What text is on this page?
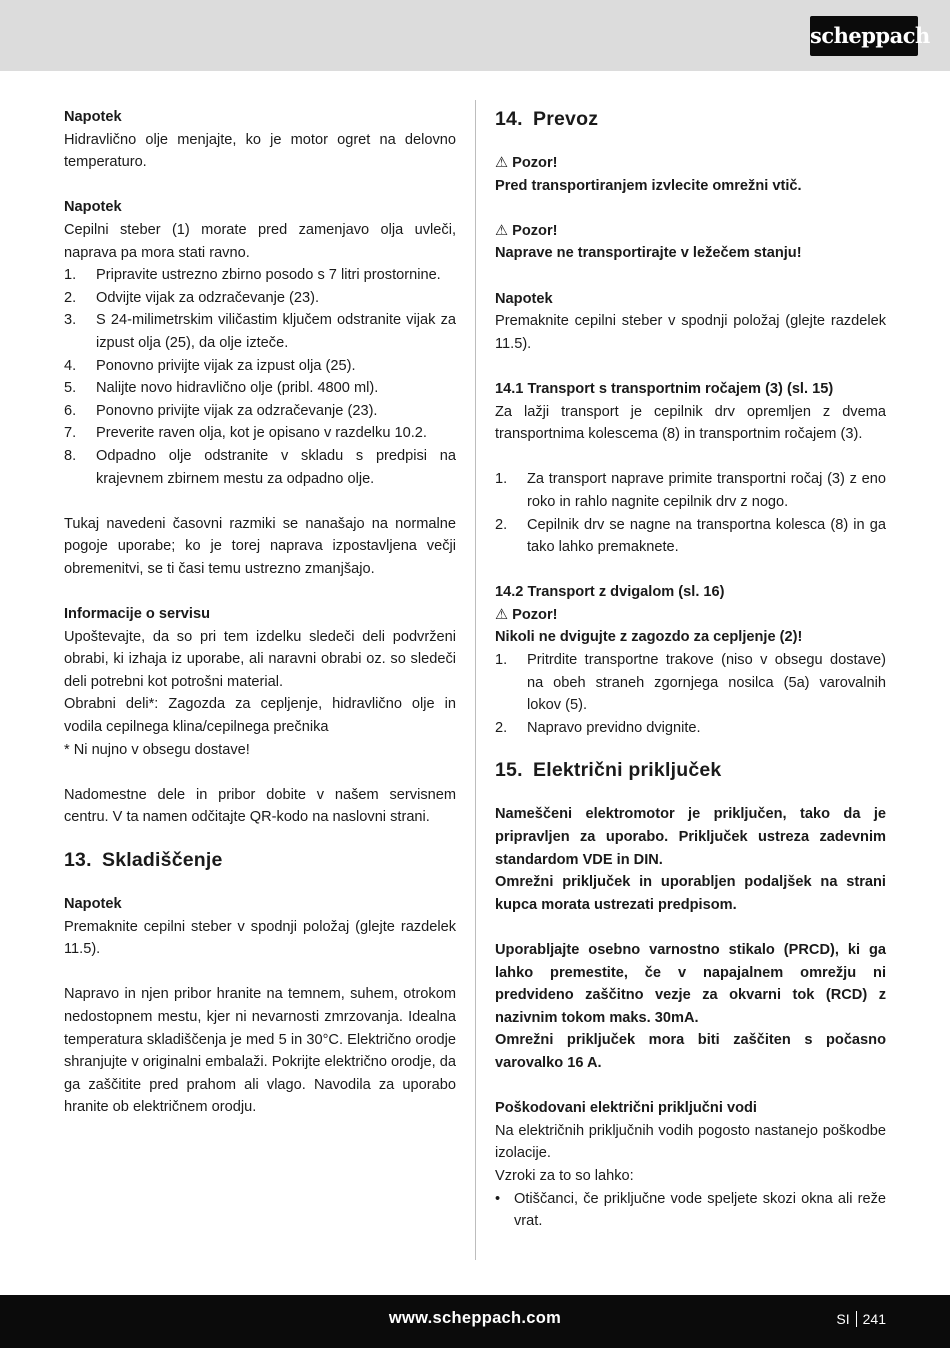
scheppach

Napotek

Hidravlično olje menjajte, ko je motor ogret na delovno temperaturo.

Napotek

Cepilni steber (1) morate pred zamenjavo olja uvleči, naprava pa mora stati ravno.

1. Pripravite ustrezno zbirno posodo s 7 litri prostornine.
2. Odvijte vijak za odzračevanje (23).
3. S 24-milimetrskim viličastim ključem odstranite vijak za izpust olja (25), da olje izteče.
4. Ponovno privijte vijak za izpust olja (25).
5. Nalijte novo hidravlično olje (pribl. 4800 ml).
6. Ponovno privijte vijak za odzračevanje (23).
7. Preverite raven olja, kot je opisano v razdelku 10.2.
8. Odpadno olje odstranite v skladu s predpisi na krajevnem zbirnem mestu za odpadno olje.

Tukaj navedeni časovni razmiki se nanašajo na normalne pogoje uporabe; ko je torej naprava izpostavljena večji obremenitvi, se ti časi temu ustrezno zmanjšajo.

Informacije o servisu

Upoštevajte, da so pri tem izdelku sledeči deli podvrženi obrabi, ki izhaja iz uporabe, ali naravni obrabi oz. so sledeči deli potrebni kot potrošni material.

Obrabni deli*: Zagozda za cepljenje, hidravlično olje in vodila cepilnega klina/cepilnega prečnika

* Ni nujno v obsegu dostave!

Nadomestne dele in pribor dobite v našem servisnem centru. V ta namen odčitajte QR-kodo na naslovni strani.

13. Skladiščenje

Napotek

Premaknite cepilni steber v spodnji položaj (glejte razdelek 11.5).

Napravo in njen pribor hranite na temnem, suhem, otrokom nedostopnem mestu, kjer ni nevarnosti zmrzovanja. Idealna temperatura skladiščenja je med 5 in 30°C. Električno orodje shranjujte v originalni embalaži. Pokrijte električno orodje, da ga zaščitite pred prahom ali vlago. Navodila za uporabo hranite ob električnem orodju.

14. Prevoz

⚠ Pozor!

Pred transportiranjem izvlecite omrežni vtič.

⚠ Pozor!

Naprave ne transportirajte v ležečem stanju!

Napotek

Premaknite cepilni steber v spodnji položaj (glejte razdelek 11.5).

14.1 Transport s transportnim ročajem (3) (sl. 15)

Za lažji transport je cepilnik drv opremljen z dvema transportnima kolescema (8) in transportnim ročajem (3).

1. Za transport naprave primite transportni ročaj (3) z eno roko in rahlo nagnite cepilnik drv z nogo.
2. Cepilnik drv se nagne na transportna kolesca (8) in ga tako lahko premaknete.

14.2 Transport z dvigalom (sl. 16)

⚠ Pozor!

Nikoli ne dvigujte z zagozdo za cepljenje (2)!

1. Pritrdite transportne trakove (niso v obsegu dostave) na obeh straneh zgornjega nosilca (5a) varovalnih lokov (5).
2. Napravo previdno dvignite.
15. Električni priključek

Nameščeni elektromotor je priključen, tako da je pripravljen za uporabo. Priključek ustreza zadevnim standardom VDE in DIN.

Omrežni priključek in uporabljen podaljšek na strani kupca morata ustrezati predpisom.

Uporabljajte osebno varnostno stikalo (PRCD), ki ga lahko premestite, če v napajalnem omrežju ni predvideno zaščitno vezje za okvarni tok (RCD) z nazivnim tokom maks. 30mA.

Omrežni priključek mora biti zaščiten s počasno varovalko 16 A.

Poškodovani električni priključni vodi

Na električnih priključnih vodih pogosto nastanejo poškodbe izolacije.

Vzroki za to so lahko:

• Otiščanci, če priključne vode speljete skozi okna ali reže vrat.
www.scheppach.com	SI 241
